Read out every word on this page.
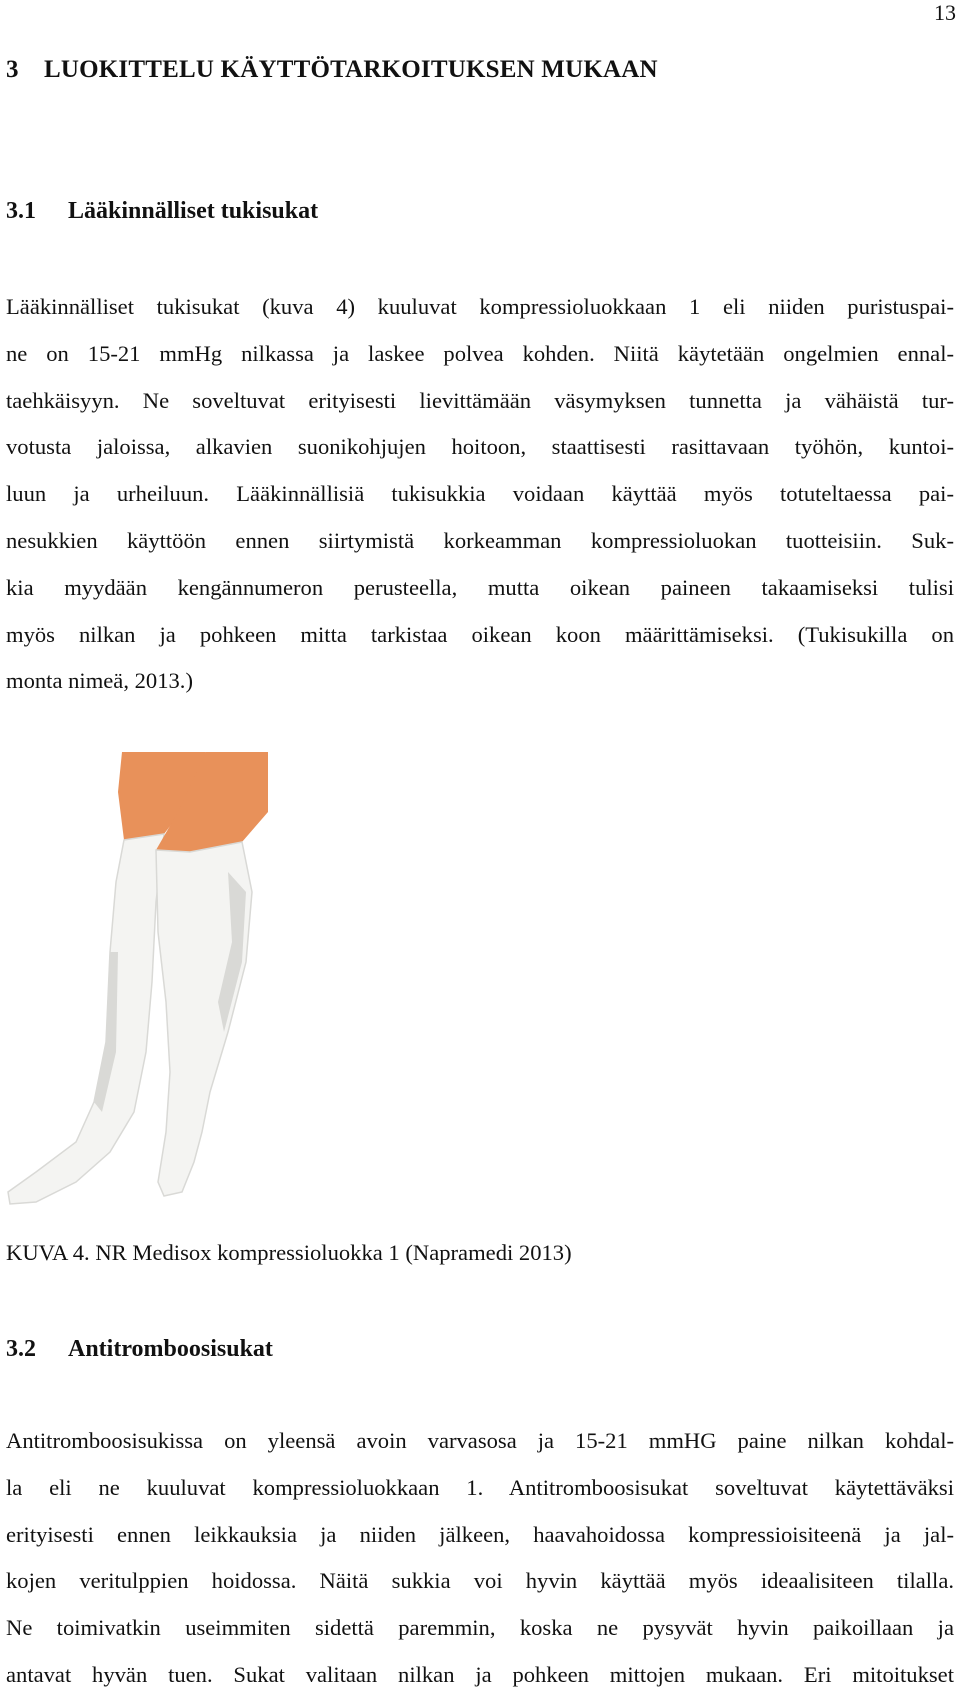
13
3 LUOKITTELU KÄYTTÖTARKOITUKSEN MUKAAN
3.1 Lääkinnälliset tukisukat
Lääkinnälliset tukisukat (kuva 4) kuuluvat kompressioluokkaan 1 eli niiden puristuspai-
ne on 15-21 mmHg nilkassa ja laskee polvea kohden. Niitä käytetään ongelmien ennal-
taehkäisyyn. Ne soveltuvat erityisesti lievittämään väsymyksen tunnetta ja vähäistä tur-
votusta jaloissa, alkavien suonikohjujen hoitoon, staattisesti rasittavaan työhön, kuntoi-
luun ja urheiluun. Lääkinnällisiä tukisukkia voidaan käyttää myös totuteltaessa pai-
nesukkien käyttöön ennen siirtymistä korkeamman kompressioluokan tuotteisiin. Suk-
kia myydään kengännumeron perusteella, mutta oikean paineen takaamiseksi tulisi
myös nilkan ja pohkeen mitta tarkistaa oikean koon määrittämiseksi. (Tukisukilla on
monta nimeä, 2013.)
KUVA 4. NR Medisox kompressioluokka 1 (Napramedi 2013)
3.2 Antitromboosisukat
Antitromboosisukissa on yleensä avoin varvasosa ja 15-21 mmHG paine nilkan kohdal-
la eli ne kuuluvat kompressioluokkaan 1. Antitromboosisukat soveltuvat käytettäväksi
erityisesti ennen leikkauksia ja niiden jälkeen, haavahoidossa kompressioisiteenä ja jal-
kojen veritulppien hoidossa. Näitä sukkia voi hyvin käyttää myös ideaalisiteen tilalla.
Ne toimivatkin useimmiten sidettä paremmin, koska ne pysyvät hyvin paikoillaan ja
antavat hyvän tuen. Sukat valitaan nilkan ja pohkeen mittojen mukaan. Eri mitoitukset
